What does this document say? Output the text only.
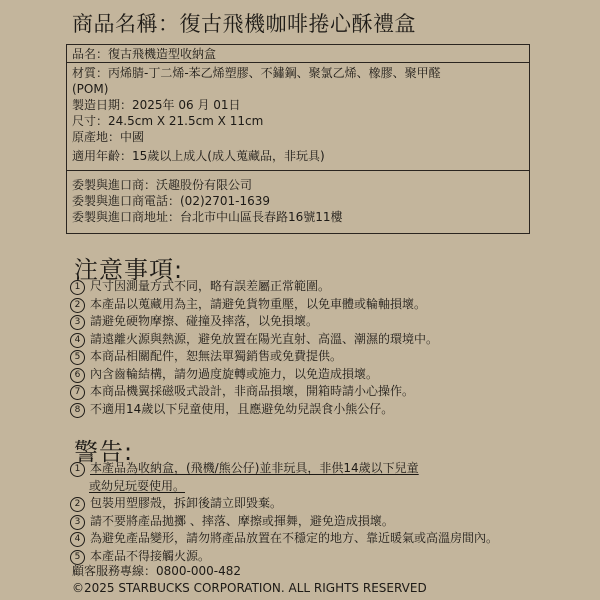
商品名稱：復古飛機咖啡捲心酥禮盒
品名：復古飛機造型收納盒
材質：丙烯腈-丁二烯-苯乙烯塑膠、不鏽鋼、聚氯乙烯、橡膠、聚甲醛
(POM)
製造日期：2025年 06 月 01日
尺寸：24.5cm X 21.5cm X 11cm
原產地：中國
適用年齡：15歲以上成人(成人蒐藏品，非玩具)
委製與進口商：沃趣股份有限公司
委製與進口商電話：(02)2701-1639
委製與進口商地址：台北市中山區長春路16號11樓
注意事項:
1 尺寸因測量方式不同，略有誤差屬正常範圍。
2 本產品以蒐藏用為主，請避免貨物重壓，以免車體或輪軸損壞。
3 請避免硬物摩擦、碰撞及摔落，以免損壞。
4 請遠離火源與熱源，避免放置在陽光直射、高溫、潮濕的環境中。
5 本商品相關配件，恕無法單獨銷售或免費提供。
6 內含齒輪結構，請勿過度旋轉或施力，以免造成損壞。
7 本商品機翼採磁吸式設計，非商品損壞，開箱時請小心操作。
8 不適用14歲以下兒童使用，且應避免幼兒誤食小熊公仔。
警告:
1 本產品為收納盒，(飛機/熊公仔)並非玩具，非供14歲以下兒童
或幼兒玩耍使用。
2 包裝用塑膠殼，拆卸後請立即毀棄。
3 請不要將產品拋擲 、摔落、摩擦或揮舞，避免造成損壞。
4 為避免產品變形，請勿將產品放置在不穩定的地方、靠近暖氣或高溫房間內。
5 本產品不得接觸火源。
顧客服務專線：0800-000-482
©2025 STARBUCKS CORPORATION. ALL RIGHTS RESERVED
